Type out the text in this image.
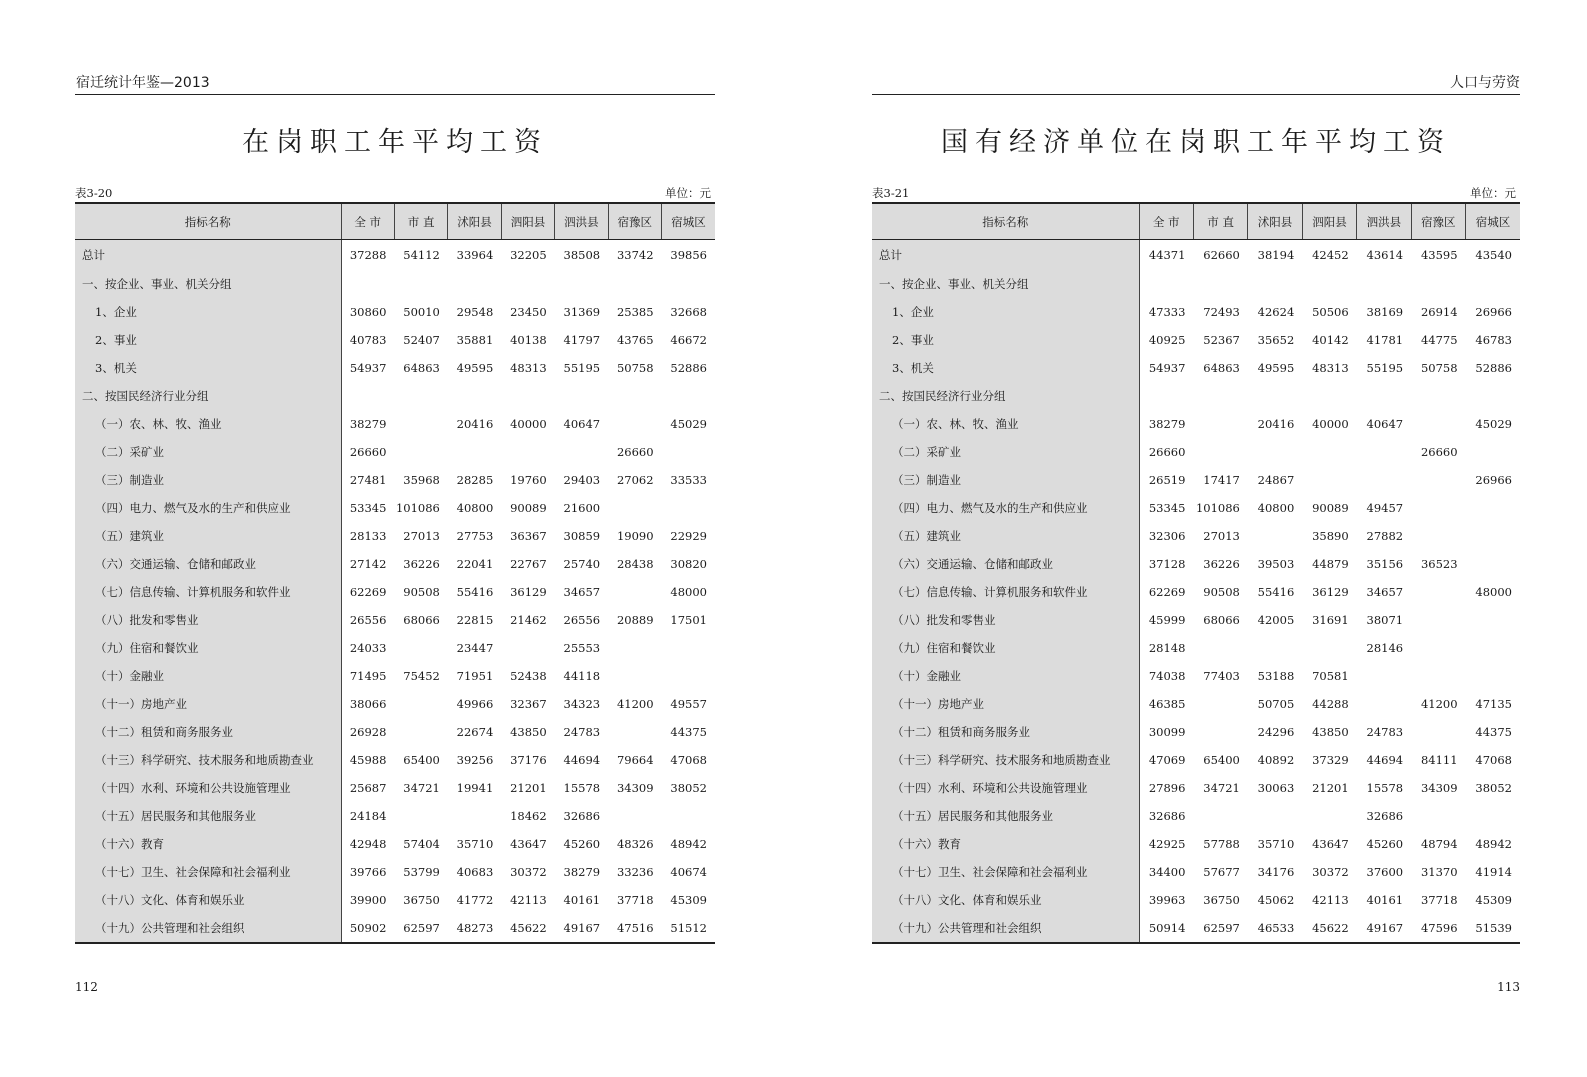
宿迁统计年鉴—2013
在岗职工年平均工资
表3-20	单位：元
指标名称	全 市	市 直	沭阳县	泗阳县	泗洪县	宿豫区	宿城区
总计	37288	54112	33964	32205	38508	33742	39856
一、按企业、事业、机关分组							
1、企业	30860	50010	29548	23450	31369	25385	32668
2、事业	40783	52407	35881	40138	41797	43765	46672
3、机关	54937	64863	49595	48313	55195	50758	52886
二、按国民经济行业分组							
（一）农、林、牧、渔业	38279		20416	40000	40647		45029
（二）采矿业	26660					26660	
（三）制造业	27481	35968	28285	19760	29403	27062	33533
（四）电力、燃气及水的生产和供应业	53345	101086	40800	90089	21600		
（五）建筑业	28133	27013	27753	36367	30859	19090	22929
（六）交通运输、仓储和邮政业	27142	36226	22041	22767	25740	28438	30820
（七）信息传输、计算机服务和软件业	62269	90508	55416	36129	34657		48000
（八）批发和零售业	26556	68066	22815	21462	26556	20889	17501
（九）住宿和餐饮业	24033		23447		25553		
（十）金融业	71495	75452	71951	52438	44118		
（十一）房地产业	38066		49966	32367	34323	41200	49557
（十二）租赁和商务服务业	26928		22674	43850	24783		44375
（十三）科学研究、技术服务和地质勘查业	45988	65400	39256	37176	44694	79664	47068
（十四）水利、环境和公共设施管理业	25687	34721	19941	21201	15578	34309	38052
（十五）居民服务和其他服务业	24184			18462	32686		
（十六）教育	42948	57404	35710	43647	45260	48326	48942
（十七）卫生、社会保障和社会福利业	39766	53799	40683	30372	38279	33236	40674
（十八）文化、体育和娱乐业	39900	36750	41772	42113	40161	37718	45309
（十九）公共管理和社会组织	50902	62597	48273	45622	49167	47516	51512
112
人口与劳资
国有经济单位在岗职工年平均工资
表3-21	单位：元
指标名称	全 市	市 直	沭阳县	泗阳县	泗洪县	宿豫区	宿城区
总计	44371	62660	38194	42452	43614	43595	43540
一、按企业、事业、机关分组							
1、企业	47333	72493	42624	50506	38169	26914	26966
2、事业	40925	52367	35652	40142	41781	44775	46783
3、机关	54937	64863	49595	48313	55195	50758	52886
二、按国民经济行业分组							
（一）农、林、牧、渔业	38279		20416	40000	40647		45029
（二）采矿业	26660					26660	
（三）制造业	26519	17417	24867				26966
（四）电力、燃气及水的生产和供应业	53345	101086	40800	90089	49457		
（五）建筑业	32306	27013		35890	27882		
（六）交通运输、仓储和邮政业	37128	36226	39503	44879	35156	36523	
（七）信息传输、计算机服务和软件业	62269	90508	55416	36129	34657		48000
（八）批发和零售业	45999	68066	42005	31691	38071		
（九）住宿和餐饮业	28148				28146		
（十）金融业	74038	77403	53188	70581			
（十一）房地产业	46385		50705	44288		41200	47135
（十二）租赁和商务服务业	30099		24296	43850	24783		44375
（十三）科学研究、技术服务和地质勘查业	47069	65400	40892	37329	44694	84111	47068
（十四）水利、环境和公共设施管理业	27896	34721	30063	21201	15578	34309	38052
（十五）居民服务和其他服务业	32686				32686		
（十六）教育	42925	57788	35710	43647	45260	48794	48942
（十七）卫生、社会保障和社会福利业	34400	57677	34176	30372	37600	31370	41914
（十八）文化、体育和娱乐业	39963	36750	45062	42113	40161	37718	45309
（十九）公共管理和社会组织	50914	62597	46533	45622	49167	47596	51539
113
